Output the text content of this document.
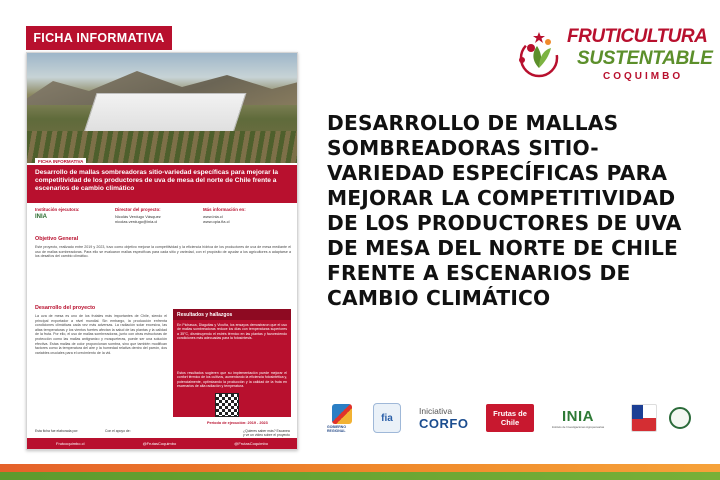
FICHA INFORMATIVA
FICHA INFORMATIVA
Desarrollo de mallas sombreadoras sitio-variedad específicas para mejorar la competitividad de los productores de uva de mesa del norte de Chile frente a escenarios de cambio climático
Institución ejecutora:
INIA
Director del proyecto:
Nicolás Verdugo Vásquez
nicolas.verdugo@inia.cl
Más información en:
www.inia.cl
www.opia.fia.cl
Objetivo General
Este proyecto, realizado entre 2019 y 2023, tuvo como objetivo mejorar la competitividad y la eficiencia hídrica de los productores de uva de mesa mediante el uso de mallas sombreadoras. Para ello se evaluaron mallas específicas para cada sitio y variedad, con el propósito de ayudar a los agricultores a adaptarse a los desafíos del cambio climático.
Desarrollo del proyecto
La uva de mesa es uno de los frutales más importantes de Chile, siendo el principal exportador a nivel mundial. Sin embargo, la producción enfrenta condiciones climáticas cada vez más adversas. La radiación solar excesiva, las altas temperaturas y los vientos fuertes afectan la salud de las plantas y la calidad de la fruta. Por ello, el uso de mallas sombreadoras, junto con otras estructuras de protección como las mallas antigranizo y mosqueteras, puede ser una solución efectiva. Estas mallas de color proporcionan sombra, sino que también modifican factores como la temperatura del aire y la humedad relativa dentro del parrón, dos variables cruciales para el crecimiento de la vid.
Resultados y hallazgos
En Pichasca, Diaguitas y Vicuña, los ensayos demostraron que el uso de mallas sombreadoras reduce los días con temperaturas superiores a 35°C, disminuyendo el estrés térmico en las plantas y favoreciendo condiciones más adecuadas para la fotosíntesis.
Estos resultados sugieren que su implementación puede mejorar el confort térmico de los cultivos, aumentando la eficiencia fotosintética y, potencialmente, optimizando la producción y la calidad de la fruta en escenarios de alta radiación y temperatura.
Periodo de ejecución: 2019 - 2023
Esta ficha fue elaborada por:	Con el apoyo de:	¿Quieres saber más? Escanea y ve un video sobre el proyecto
Frutcoquimbo.cl	@FrutasCoquimbo	@FrutasCoquimbo
FRUTICULTURA
SUSTENTABLE
COQUIMBO
DESARROLLO DE MALLAS SOMBREADORAS SITIO-VARIEDAD ESPECÍFICAS PARA MEJORAR LA COMPETITIVIDAD DE LOS PRODUCTORES DE UVA DE MESA DEL NORTE DE CHILE FRENTE A ESCENARIOS DE CAMBIO CLIMÁTICO
GOBIERNO REGIONAL
fia
Iniciativa
CORFO
Frutas de Chile	INIA
Instituto de Investigaciones Agropecuarias
